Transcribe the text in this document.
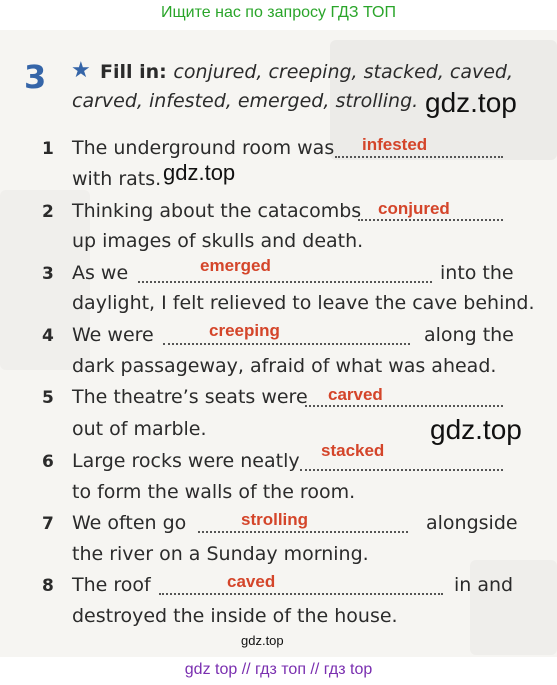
Ищите нас по запросу ГДЗ ТОП
3 ★ Fill in: conjured, creeping, stacked, caved,
carved, infested, emerged, strolling. gdz.top
gdz.top
1 The underground room was infested
with rats.
2 Thinking about the catacombs conjured
up images of skulls and death.
3 As we	emerged	into the
daylight, I felt relieved to leave the cave behind.
4 We were	creeping	along the
dark passageway, afraid of what was ahead.
5 The theatre’s seats were carved
out of marble.	gdz.top
6 Large rocks were neatly stacked
to form the walls of the room.
7 We often go	strolling	alongside
the river on a Sunday morning.
8 The roof	caved	in and
destroyed the inside of the house.
gdz.top
gdz top // гдз топ // гдз top
